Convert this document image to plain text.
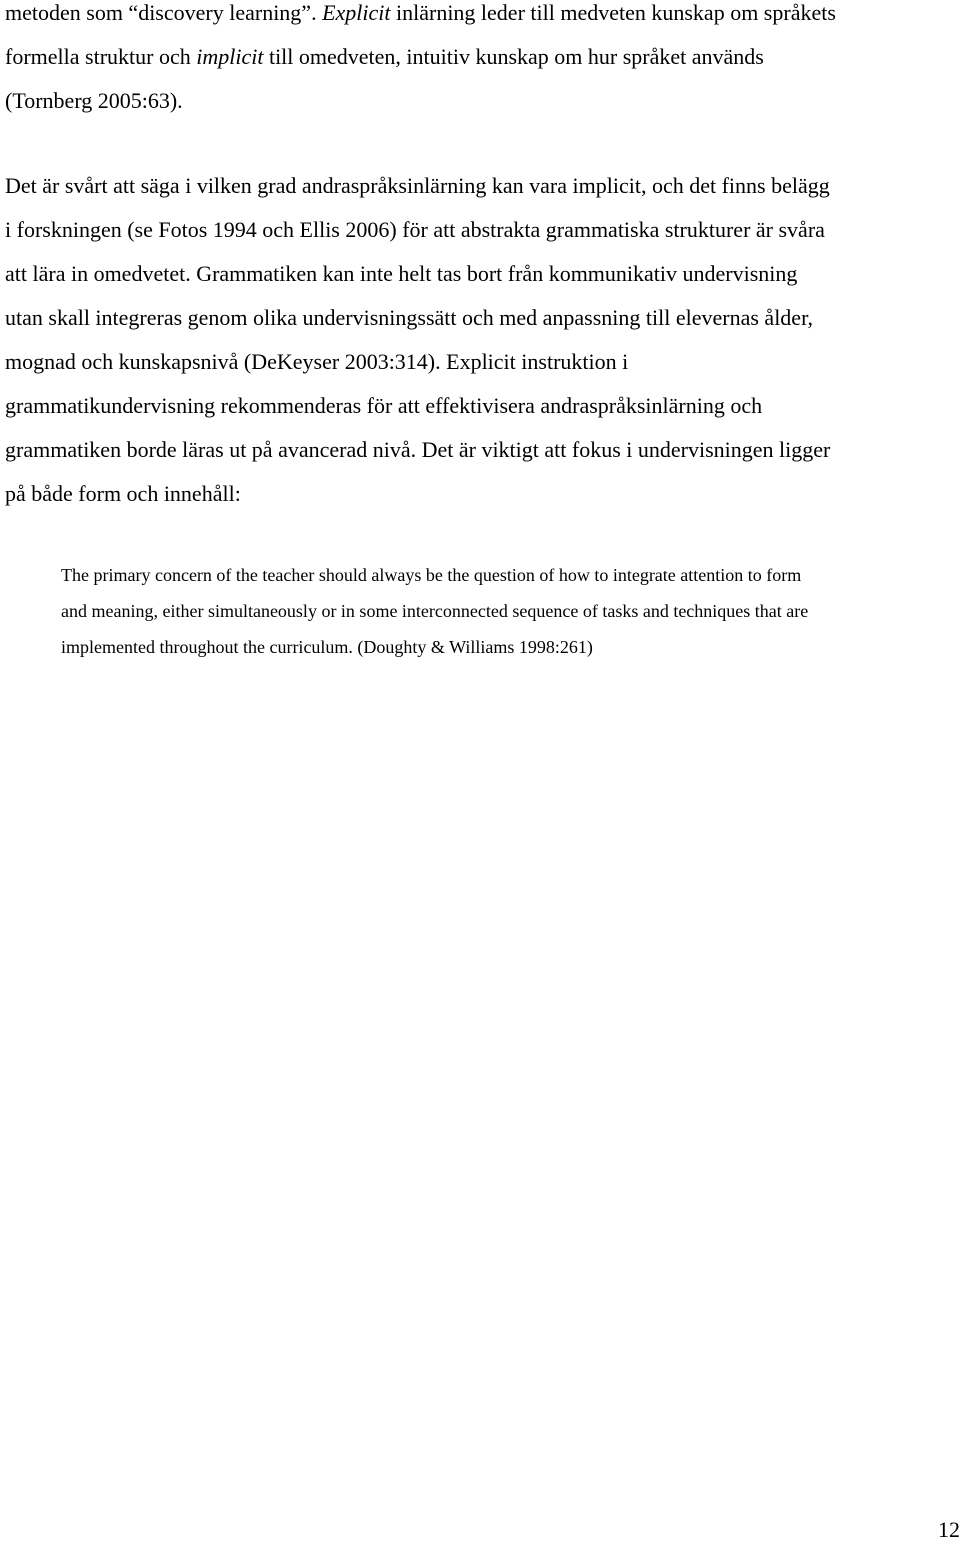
metoden som “discovery learning”. Explicit inlärning leder till medveten kunskap om språkets
formella struktur och implicit till omedveten, intuitiv kunskap om hur språket används
(Tornberg 2005:63).

Det är svårt att säga i vilken grad andraspråksinlärning kan vara implicit, och det finns belägg
i forskningen (se Fotos 1994 och Ellis 2006) för att abstrakta grammatiska strukturer är svåra
att lära in omedvetet. Grammatiken kan inte helt tas bort från kommunikativ undervisning
utan skall integreras genom olika undervisningssätt och med anpassning till elevernas ålder,
mognad och kunskapsnivå (DeKeyser 2003:314). Explicit instruktion i
grammatikundervisning rekommenderas för att effektivisera andraspråksinlärning och
grammatiken borde läras ut på avancerad nivå. Det är viktigt att fokus i undervisningen ligger
på både form och innehåll:

The primary concern of the teacher should always be the question of how to integrate attention to form
and meaning, either simultaneously or in some interconnected sequence of tasks and techniques that are
implemented throughout the curriculum. (Doughty & Williams 1998:261)
12
